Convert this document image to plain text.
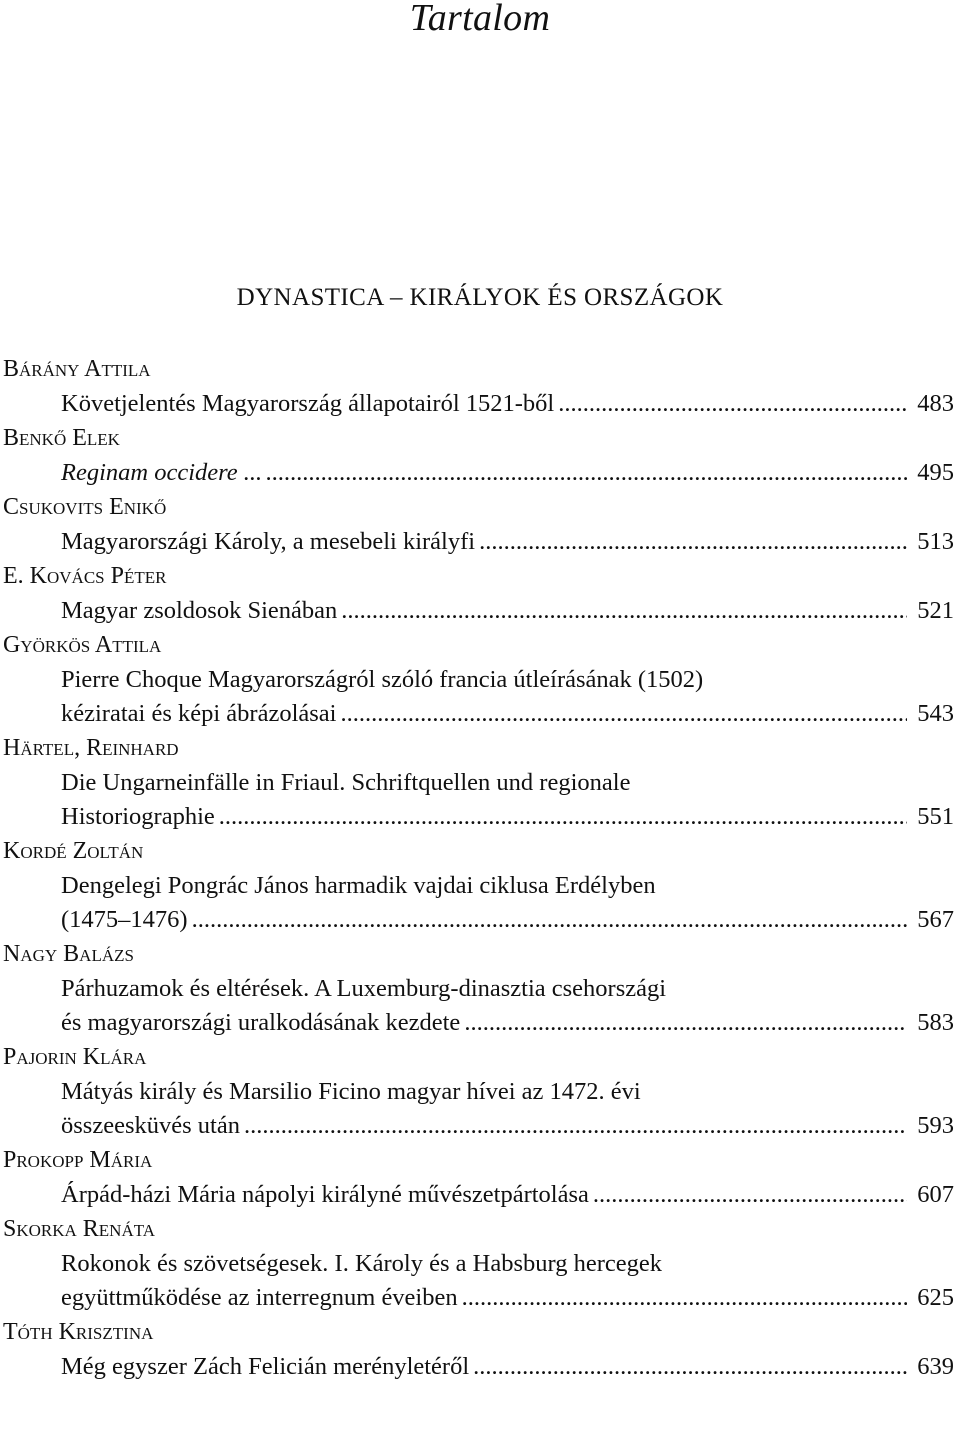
Tartalom
DYNASTICA – KIRÁLYOK ÉS ORSZÁGOK
Bárány Attila
Követjelentés Magyarország állapotairól 1521-ből .....	483
Benkő Elek
Reginam occidere ... .....	495
Csukovits Enikő
Magyarországi Károly, a mesebeli királyfi .....	513
E. Kovács Péter
Magyar zsoldosok Sienában .....	521
Györkös Attila
Pierre Choque Magyarországról szóló francia útleírásának (1502)
kéziratai és képi ábrázolásai .....	543
Härtel, Reinhard
Die Ungarneinfälle in Friaul. Schriftquellen und regionale
Historiographie .....	551
Kordé Zoltán
Dengelegi Pongrác János harmadik vajdai ciklusa Erdélyben
(1475–1476) .....	567
Nagy Balázs
Párhuzamok és eltérések. A Luxemburg-dinasztia csehországi
és magyarországi uralkodásának kezdete .....	583
Pajorin Klára
Mátyás király és Marsilio Ficino magyar hívei az 1472. évi
összeesküvés után .....	593
Prokopp Mária
Árpád-házi Mária nápolyi királyné művészetpártolása .....	607
Skorka Renáta
Rokonok és szövetségesek. I. Károly és a Habsburg hercegek
együttműködése az interregnum éveiben .....	625
Tóth Krisztina
Még egyszer Zách Felicián merényletéről .....	639
